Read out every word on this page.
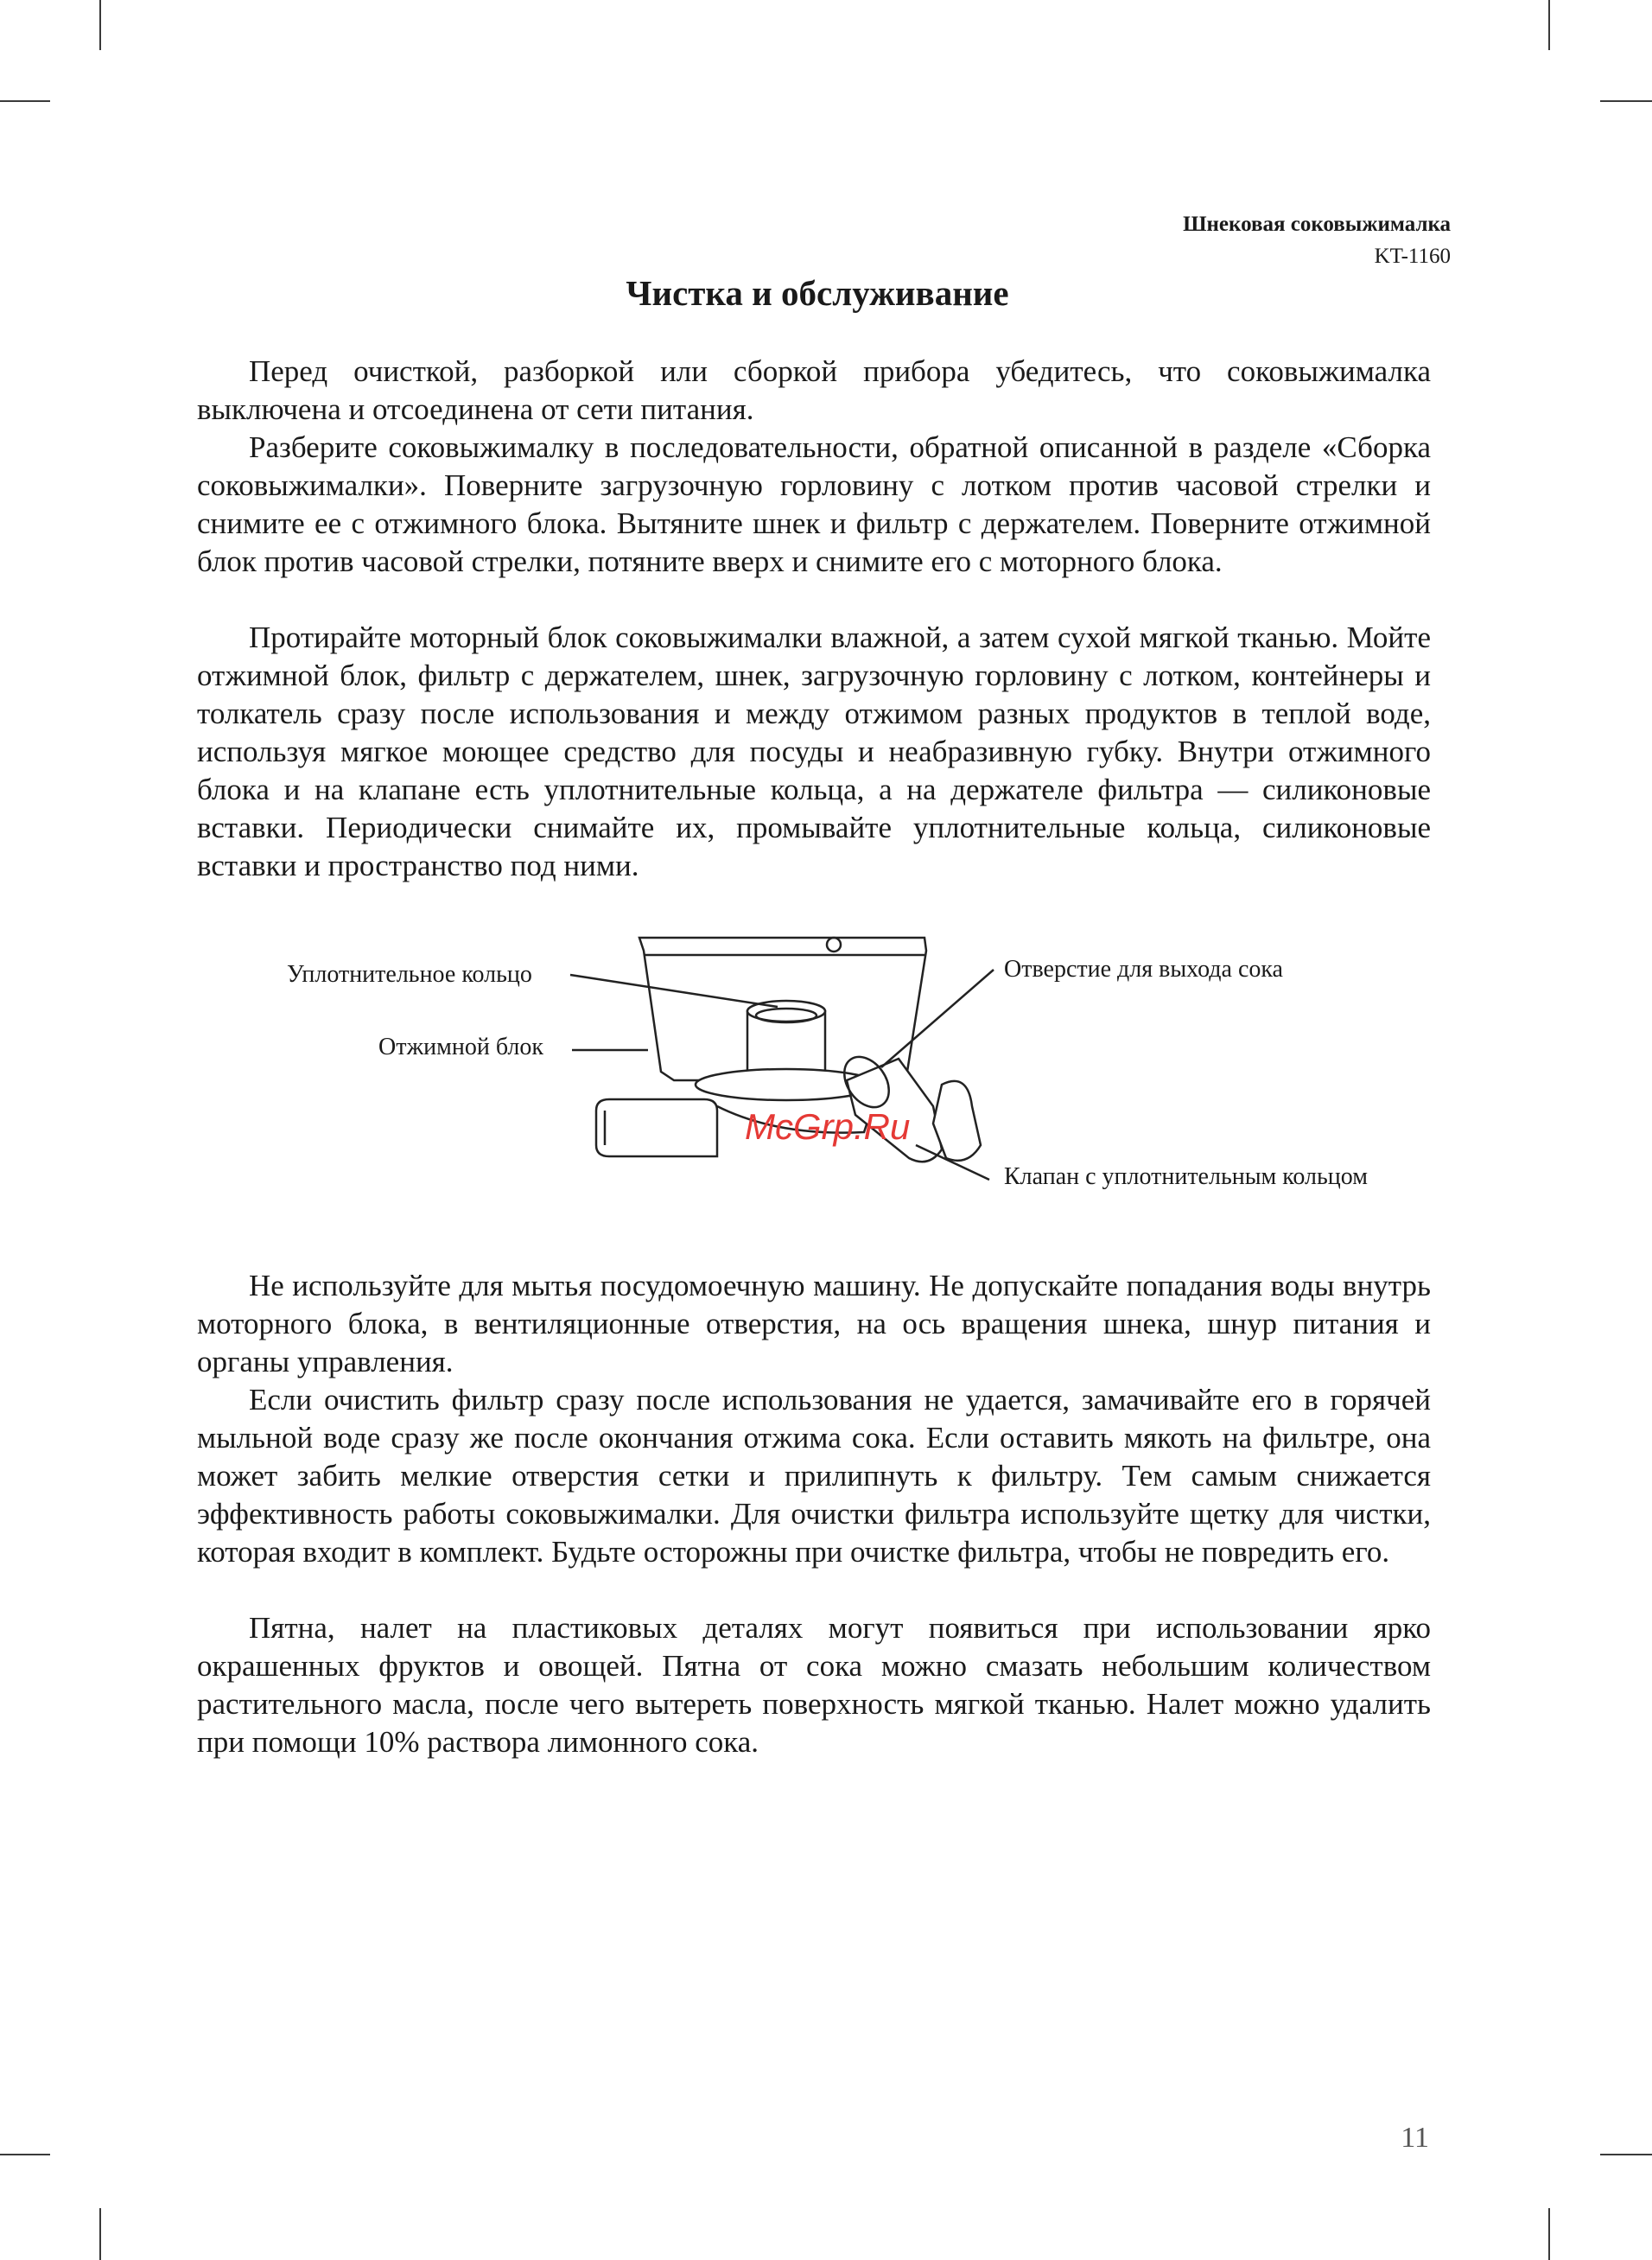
Шнековая соковыжималка
KT-1160
Чистка и обслуживание

Перед очисткой, разборкой или сборкой прибора убедитесь, что соковыжималка выключена и отсоединена от сети питания.

Разберите соковыжималку в последовательности, обратной описанной в разделе «Сборка соковыжималки». Поверните загрузочную горловину с лотком против часовой стрелки и снимите ее с отжимного блока. Вытяните шнек и фильтр с держателем. Поверните отжимной блок против часовой стрелки, потяните вверх и снимите его с моторного блока.

Протирайте моторный блок соковыжималки влажной, а затем сухой мягкой тканью. Мойте отжимной блок, фильтр с держателем, шнек, загрузочную горловину с лотком, контейнеры и толкатель сразу после использования и между отжимом разных продуктов в теплой воде, используя мягкое моющее средство для посуды и неабразивную губку. Внутри отжимного блока и на клапане есть уплотнительные кольца, а на держателе фильтра — силиконовые вставки. Периодически снимайте их, промывайте уплотнительные кольца, силиконовые вставки и пространство под ними.

Уплотнительное кольцо
Отжимной блок
Отверстие для выхода сока
Клапан с уплотнительным кольцом
McGrp.Ru

Не используйте для мытья посудомоечную машину. Не допускайте попадания воды внутрь моторного блока, в вентиляционные отверстия, на ось вращения шнека, шнур питания и органы управления.

Если очистить фильтр сразу после использования не удается, замачивайте его в горячей мыльной воде сразу же после окончания отжима сока. Если оставить мякоть на фильтре, она может забить мелкие отверстия сетки и прилипнуть к фильтру. Тем самым снижается эффективность работы соковыжималки. Для очистки фильтра используйте щетку для чистки, которая входит в комплект. Будьте осторожны при очистке фильтра, чтобы не повредить его.

Пятна, налет на пластиковых деталях могут появиться при использовании ярко окрашенных фруктов и овощей. Пятна от сока можно смазать небольшим количеством растительного масла, после чего вытереть поверхность мягкой тканью. Налет можно удалить при помощи 10% раствора лимонного сока.

11
